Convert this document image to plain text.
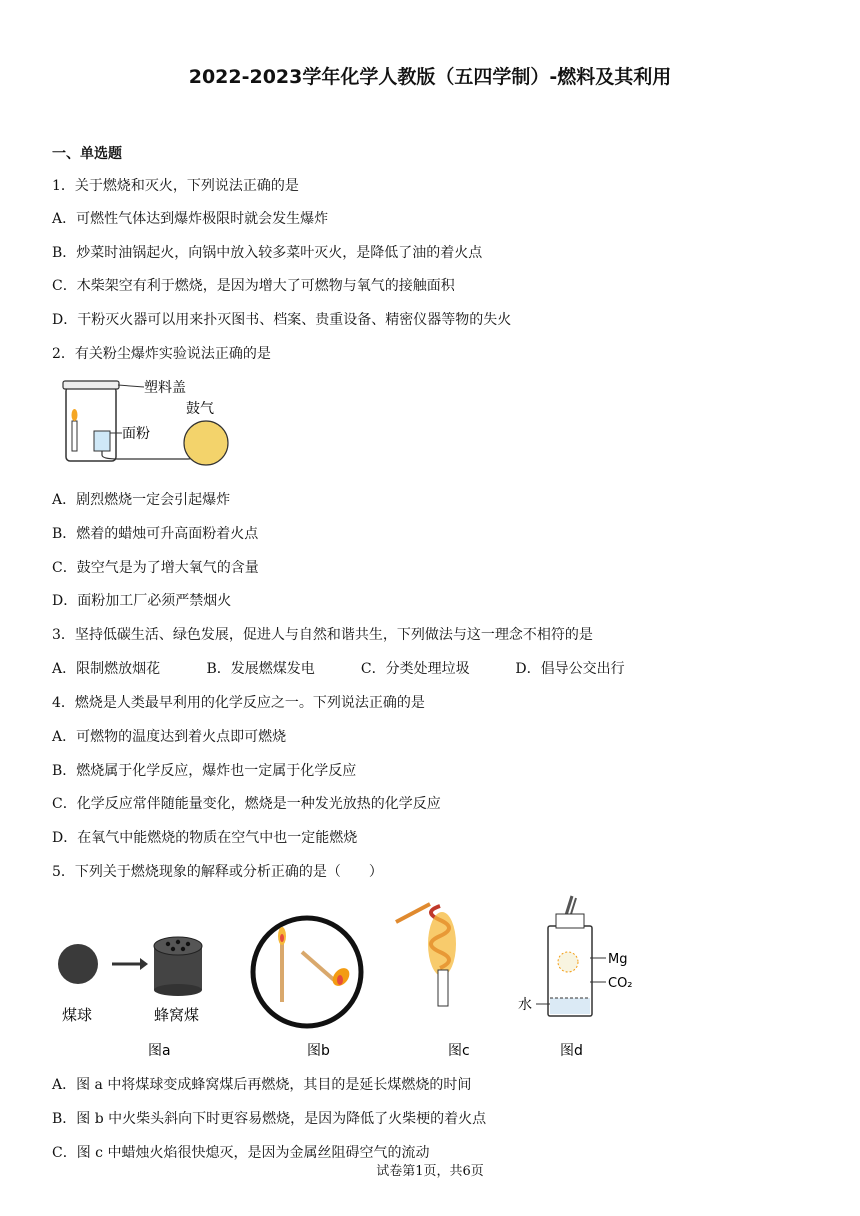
2022-2023学年化学人教版（五四学制）-燃料及其利用
一、单选题
1．关于燃烧和灭火，下列说法正确的是
A．可燃性气体达到爆炸极限时就会发生爆炸
B．炒菜时油锅起火，向锅中放入较多菜叶灭火，是降低了油的着火点
C．木柴架空有利于燃烧，是因为增大了可燃物与氧气的接触面积
D．干粉灭火器可以用来扑灭图书、档案、贵重设备、精密仪器等物的失火
2．有关粉尘爆炸实验说法正确的是
塑料盖
面粉
鼓气
A．剧烈燃烧一定会引起爆炸
B．燃着的蜡烛可升高面粉着火点
C．鼓空气是为了增大氧气的含量
D．面粉加工厂必须严禁烟火
3．坚持低碳生活、绿色发展，促进人与自然和谐共生，下列做法与这一理念不相符的是
A．限制燃放烟花	B．发展燃煤发电	C．分类处理垃圾	D．倡导公交出行
4．燃烧是人类最早利用的化学反应之一。下列说法正确的是
A．可燃物的温度达到着火点即可燃烧
B．燃烧属于化学反应，爆炸也一定属于化学反应
C．化学反应常伴随能量变化，燃烧是一种发光放热的化学反应
D．在氧气中能燃烧的物质在空气中也一定能燃烧
5．下列关于燃烧现象的解释或分析正确的是（　　）
煤球	蜂窝煤
图a	图b	图c
Mg
CO₂
水
图d
A．图 a 中将煤球变成蜂窝煤后再燃烧，其目的是延长煤燃烧的时间
B．图 b 中火柴头斜向下时更容易燃烧，是因为降低了火柴梗的着火点
C．图 c 中蜡烛火焰很快熄灭，是因为金属丝阻碍空气的流动
试卷第1页，共6页
